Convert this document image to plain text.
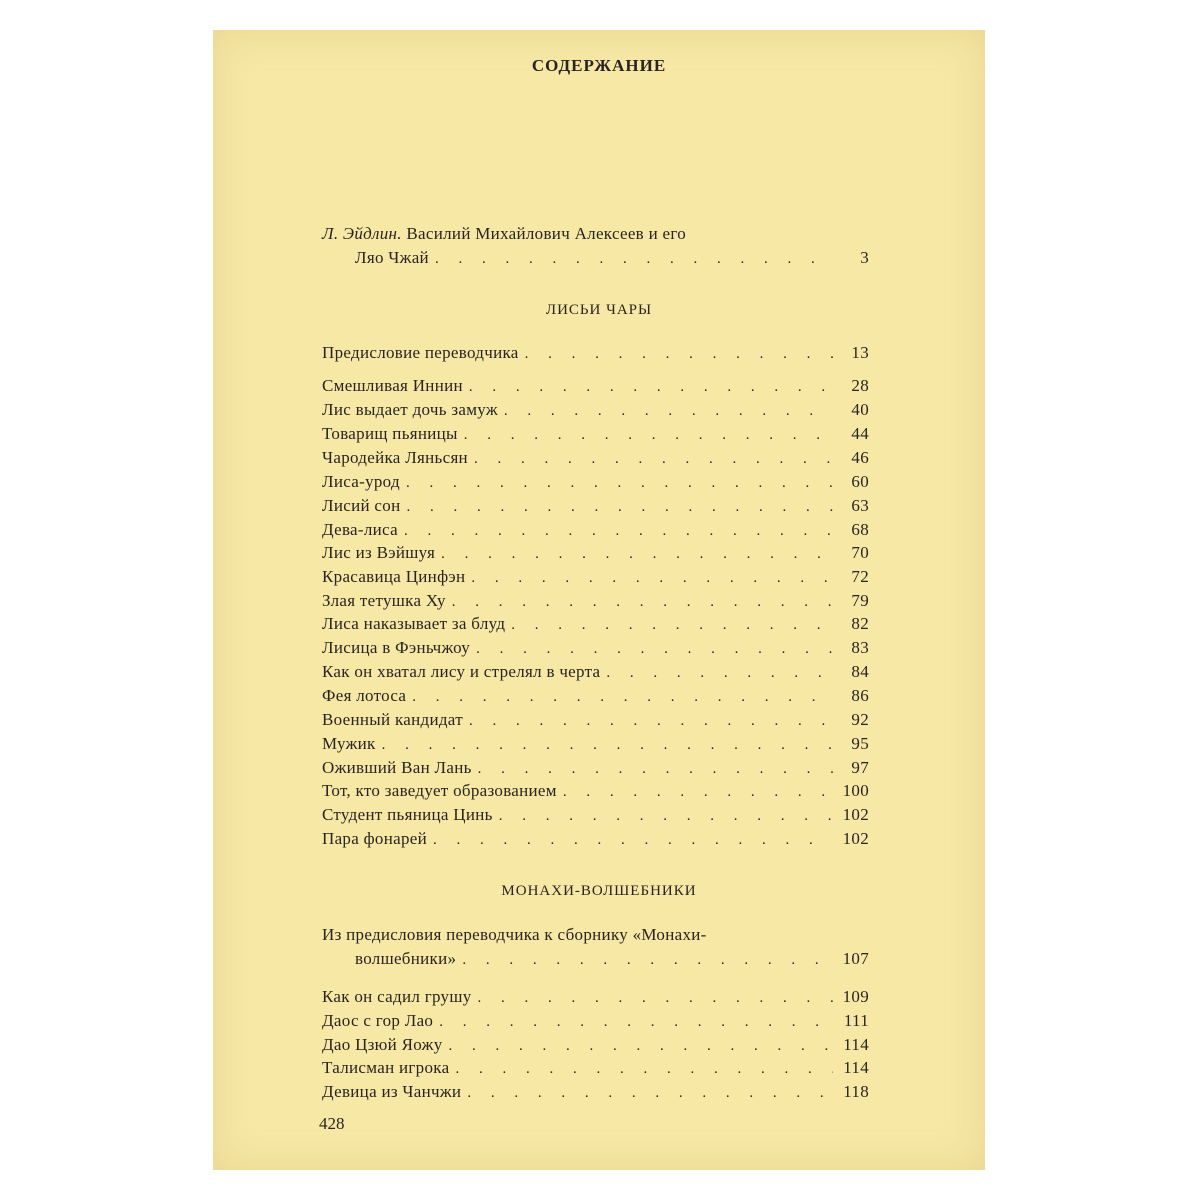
СОДЕРЖАНИЕ
Л. Эйдлин. Василий Михайлович Алексеев и его
Ляо Чжай . . .	3
ЛИСЬИ ЧАРЫ
Предисловие переводчика . . .	13
Смешливая Иннин . . .	28
Лис выдает дочь замуж . . .	40
Товарищ пьяницы . . .	44
Чародейка Ляньсян . . .	46
Лиса-урод . . .	60
Лисий сон . . .	63
Дева-лиса . . .	68
Лис из Вэйшуя . . .	70
Красавица Цинфэн . . .	72
Злая тетушка Ху . . .	79
Лиса наказывает за блуд . . .	82
Лисица в Фэньчжоу . . .	83
Как он хватал лису и стрелял в черта . . .	84
Фея лотоса . . .	86
Военный кандидат . . .	92
Мужик . . .	95
Оживший Ван Лань . . .	97
Тот, кто заведует образованием . . .	100
Студент пьяница Цинь . . .	102
Пара фонарей . . .	102
МОНАХИ-ВОЛШЕБНИКИ
Из предисловия переводчика к сборнику «Монахи-
волшебники» . . .	107
Как он садил грушу . . .	109
Даос с гор Лао . . .	111
Дао Цзюй Яожу . . .	114
Талисман игрока . . .	114
Девица из Чанчжи . . .	118
428
